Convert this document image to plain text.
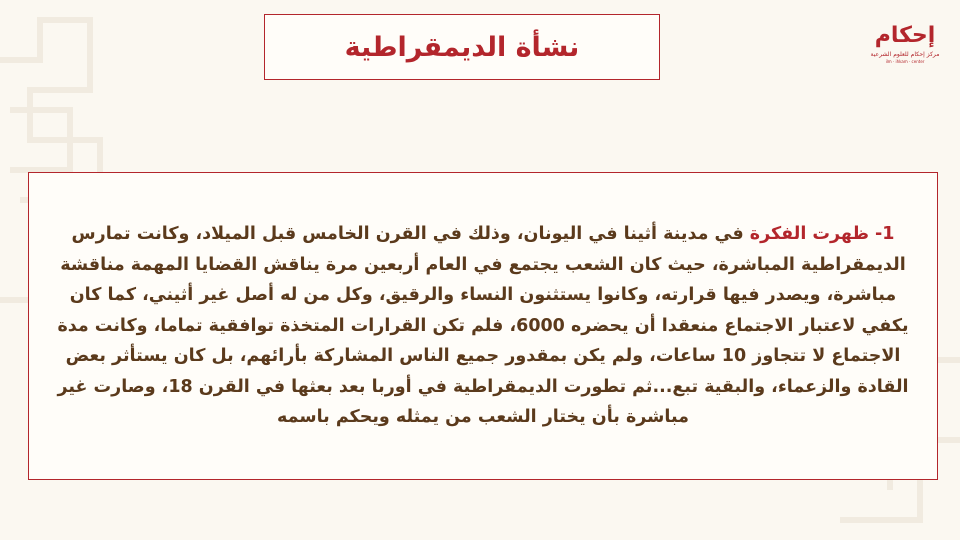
نشأة الديمقراطية	إحكام
مركز إحكام للعلوم الشرعية
ilm · ihkam · center

1- ظهرت الفكرة في مدينة أثينا في اليونان، وذلك في القرن الخامس قبل الميلاد، وكانت تمارس الديمقراطية المباشرة، حيث كان الشعب يجتمع في العام أربعين مرة يناقش القضايا المهمة مناقشة مباشرة، ويصدر فيها قرارته، وكانوا يستثنون النساء والرقيق، وكل من له أصل غير أثيني، كما كان يكفي لاعتبار الاجتماع منعقدا أن يحضره 6000، فلم تكن القرارات المتخذة توافقية تماما، وكانت مدة الاجتماع لا تتجاوز 10 ساعات، ولم يكن بمقدور جميع الناس المشاركة بأرائهم، بل كان يستأثر بعض القادة والزعماء، والبقية تبع...ثم تطورت الديمقراطية في أوربا بعد بعثها في القرن 18، وصارت غير مباشرة بأن يختار الشعب من يمثله ويحكم باسمه
